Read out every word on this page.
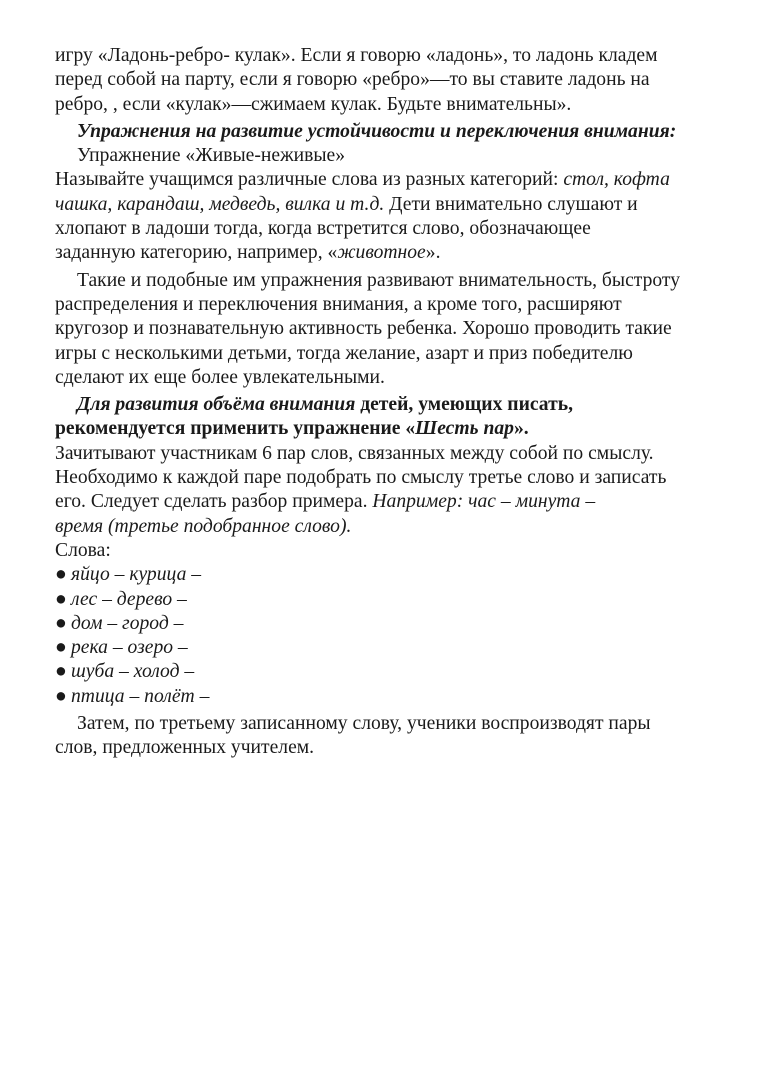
игру «Ладонь-ребро- кулак». Если я говорю «ладонь», то ладонь кладем
перед собой на парту, если я говорю «ребро»—то вы ставите ладонь на
ребро, , если «кулак»—сжимаем кулак. Будьте внимательны».
Упражнения на развитие устойчивости и переключения внимания:
Упражнение «Живые-неживые»
Называйте учащимся различные слова из разных категорий: стол, кофта
чашка, карандаш, медведь, вилка и т.д. Дети внимательно слушают и
хлопают в ладоши тогда, когда встретится слово, обозначающее
заданную категорию, например, «животное».
Такие и подобные им упражнения развивают внимательность, быстроту
распределения и переключения внимания, а кроме того, расширяют
кругозор и познавательную активность ребенка. Хорошо проводить такие
игры с несколькими детьми, тогда желание, азарт и приз победителю
сделают их еще более увлекательными.
Для развития объёма внимания детей, умеющих писать,
рекомендуется применить упражнение «Шесть пар».
Зачитывают участникам 6 пар слов, связанных между собой по смыслу.
Необходимо к каждой паре подобрать по смыслу третье слово и записать
его. Следует сделать разбор примера. Например: час – минута –
время (третье подобранное слово).
Слова:
● яйцо – курица –
● лес – дерево –
● дом – город –
● река – озеро –
● шуба – холод –
● птица – полёт –
Затем, по третьему записанному слову, ученики воспроизводят пары
слов, предложенных учителем.
